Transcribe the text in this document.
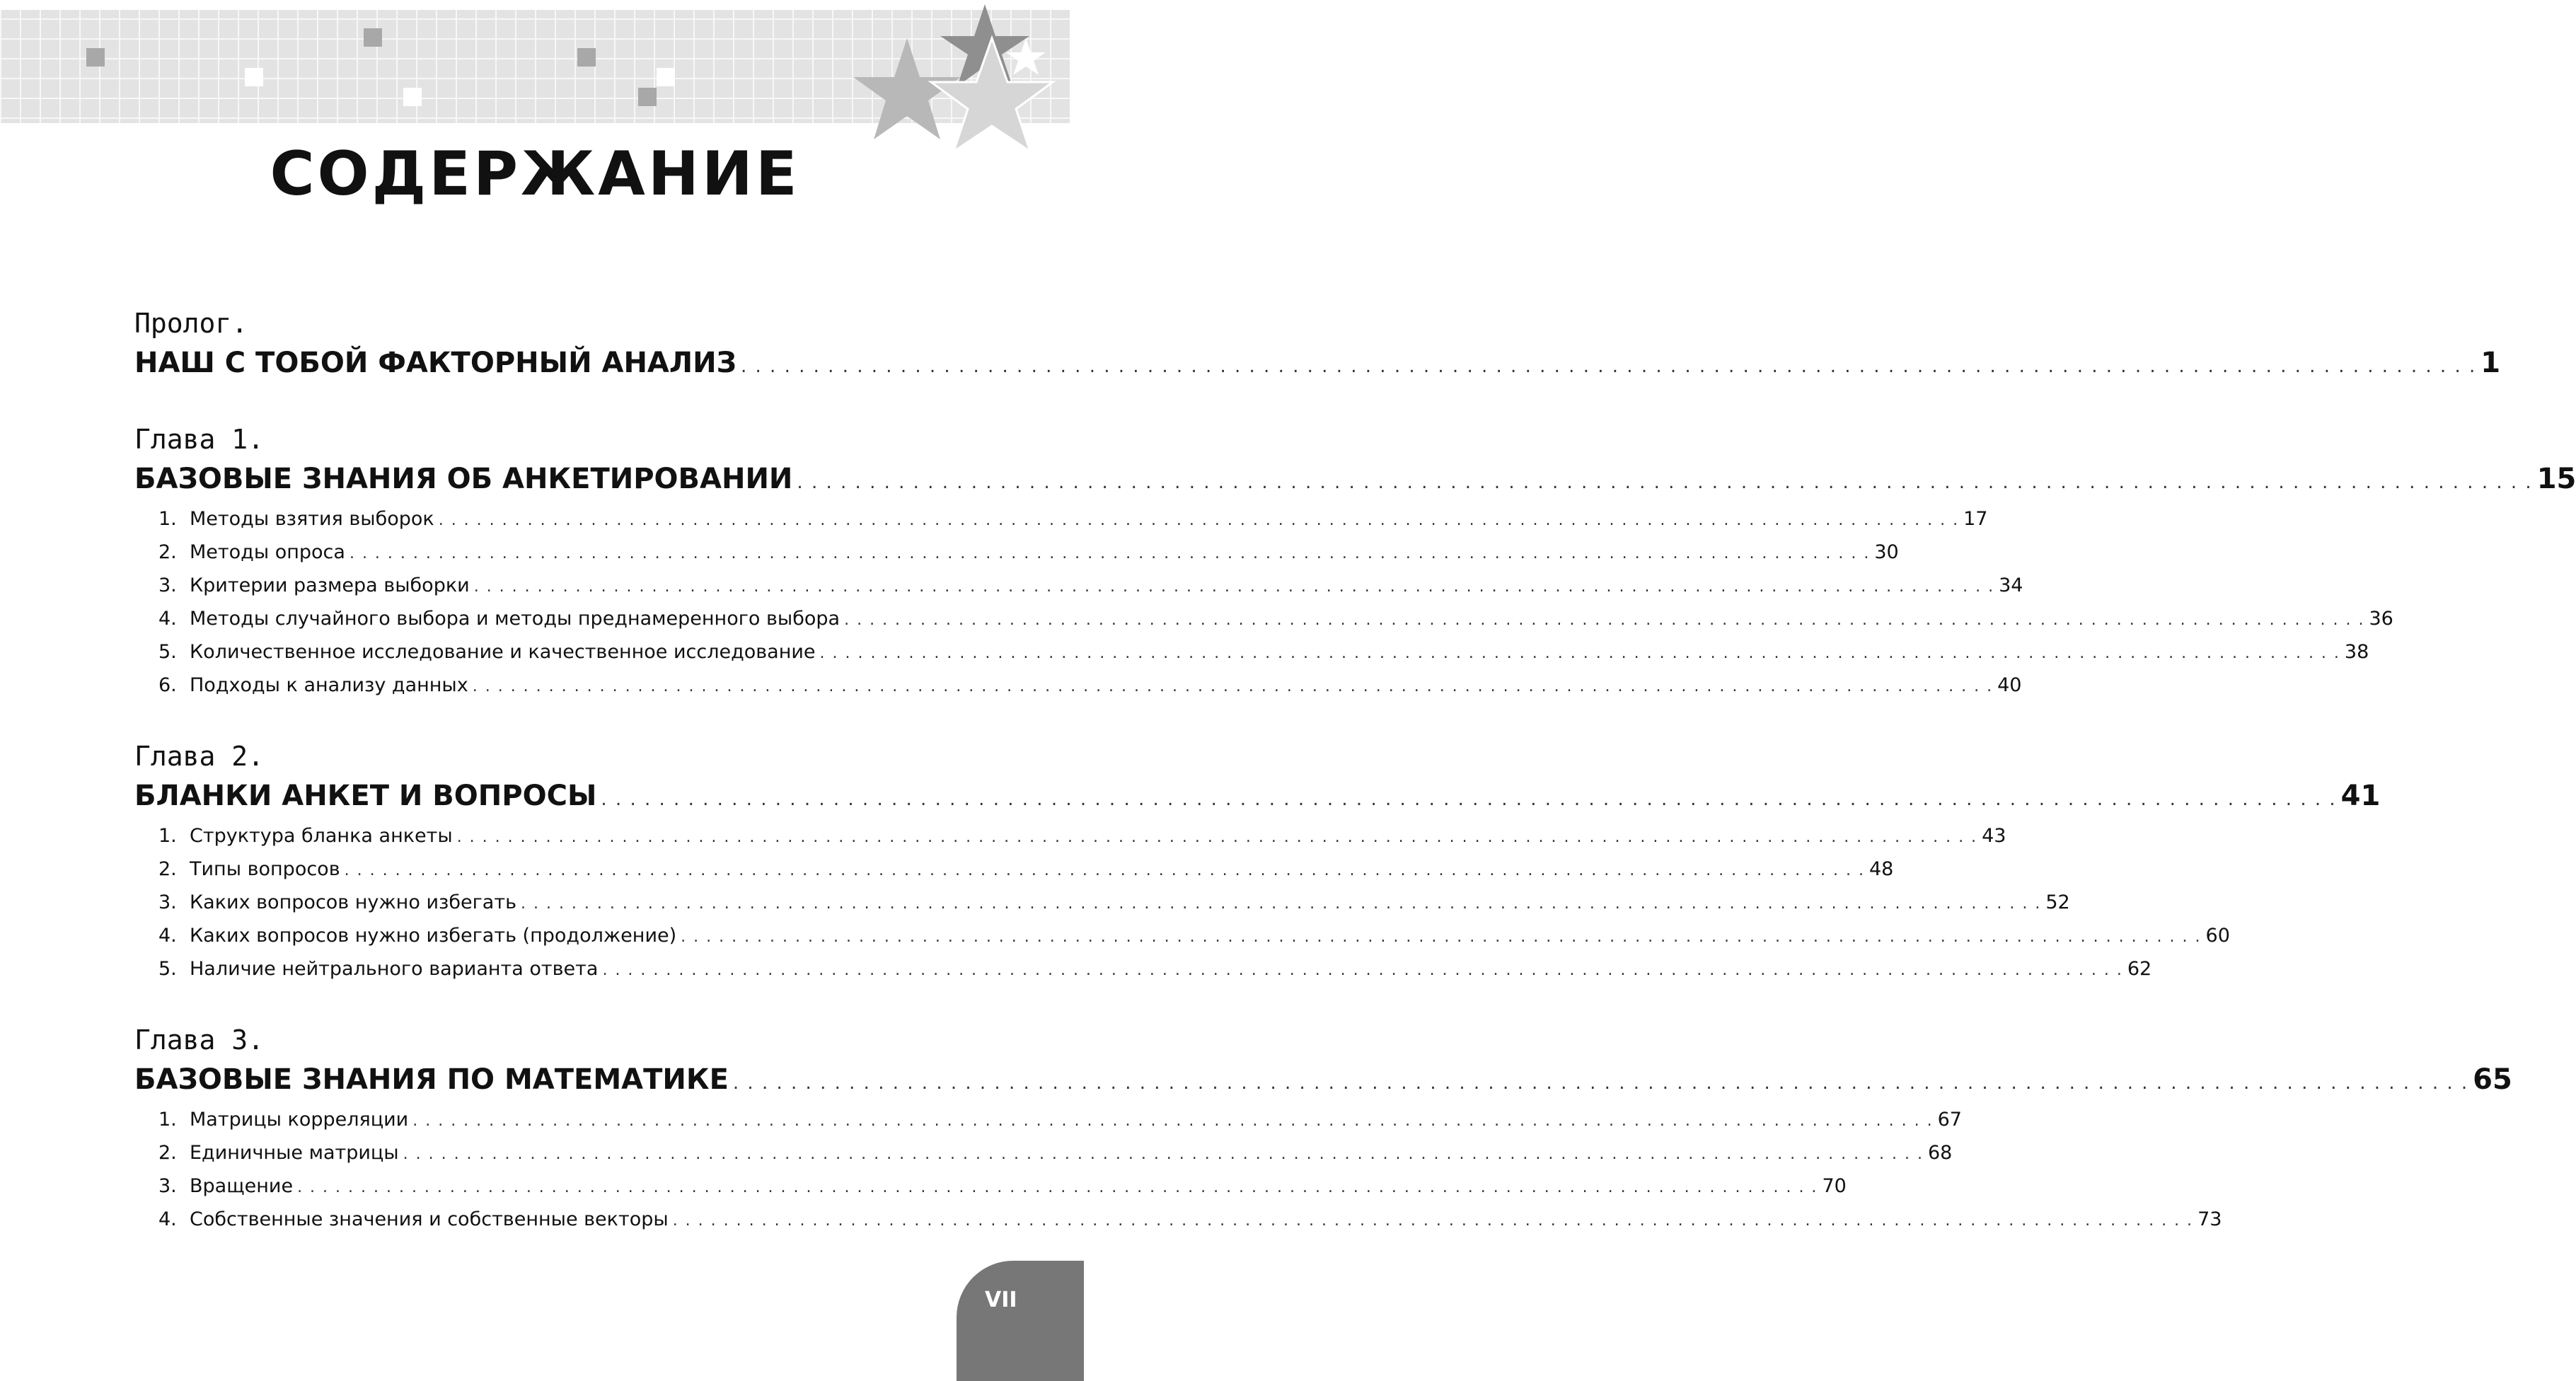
СОДЕРЖАНИЕ
Пролог.
НАШ С ТОБОЙ ФАКТОРНЫЙ АНАЛИЗ . . . . . . . . . . . . . . . . . . . . . . . . . . . . . . . . . . . . . . . . . . . . . . . . . . . . . . . . . . . . . . . . . . . . . . . . . . . . . . . . . . . . . . . . . . . . . . . . . . . . . . . . . . . . . . . . . . . . . . . . 1
Глава 1.
БАЗОВЫЕ ЗНАНИЯ ОБ АНКЕТИРОВАНИИ . . . . . . . . . . . . . . . . . . . . . . . . . . . . . . . . . . . . . . . . . . . . . . . . . . . . . . . . . . . . . . . . . . . . . . . . . . . . . . . . . . . . . . . . . . . . . . . . . . . . . . . . . . . . . . . . . . . . . . . . 15
1. Методы взятия выборок . . . . . . . . . . . . . . . . . . . . . . . . . . . . . . . . . . . . . . . . . . . . . . . . . . . . . . . . . . . . . . . . . . . . . . . . . . . . . . . . . . . . . . . . . . . . . . . . . . . . . . . . . . . . . . . . . . . . . . . . 17
2. Методы опроса . . . . . . . . . . . . . . . . . . . . . . . . . . . . . . . . . . . . . . . . . . . . . . . . . . . . . . . . . . . . . . . . . . . . . . . . . . . . . . . . . . . . . . . . . . . . . . . . . . . . . . . . . . . . . . . . . . . . . . . . 30
3. Критерии размера выборки . . . . . . . . . . . . . . . . . . . . . . . . . . . . . . . . . . . . . . . . . . . . . . . . . . . . . . . . . . . . . . . . . . . . . . . . . . . . . . . . . . . . . . . . . . . . . . . . . . . . . . . . . . . . . . . . . . . . . . . . 34
4. Методы случайного выбора и методы преднамеренного выбора . . . . . . . . . . . . . . . . . . . . . . . . . . . . . . . . . . . . . . . . . . . . . . . . . . . . . . . . . . . . . . . . . . . . . . . . . . . . . . . . . . . . . . . . . . . . . . . . . . . . . . . . . . . . . . . . . . . . . . . . 36
5. Количественное исследование и качественное исследование . . . . . . . . . . . . . . . . . . . . . . . . . . . . . . . . . . . . . . . . . . . . . . . . . . . . . . . . . . . . . . . . . . . . . . . . . . . . . . . . . . . . . . . . . . . . . . . . . . . . . . . . . . . . . . . . . . . . . . . . 38
6. Подходы к анализу данных . . . . . . . . . . . . . . . . . . . . . . . . . . . . . . . . . . . . . . . . . . . . . . . . . . . . . . . . . . . . . . . . . . . . . . . . . . . . . . . . . . . . . . . . . . . . . . . . . . . . . . . . . . . . . . . . . . . . . . . . 40
Глава 2.
БЛАНКИ АНКЕТ И ВОПРОСЫ . . . . . . . . . . . . . . . . . . . . . . . . . . . . . . . . . . . . . . . . . . . . . . . . . . . . . . . . . . . . . . . . . . . . . . . . . . . . . . . . . . . . . . . . . . . . . . . . . . . . . . . . . . . . . . . . . . . . . . . . 41
1. Структура бланка анкеты . . . . . . . . . . . . . . . . . . . . . . . . . . . . . . . . . . . . . . . . . . . . . . . . . . . . . . . . . . . . . . . . . . . . . . . . . . . . . . . . . . . . . . . . . . . . . . . . . . . . . . . . . . . . . . . . . . . . . . . . 43
2. Типы вопросов . . . . . . . . . . . . . . . . . . . . . . . . . . . . . . . . . . . . . . . . . . . . . . . . . . . . . . . . . . . . . . . . . . . . . . . . . . . . . . . . . . . . . . . . . . . . . . . . . . . . . . . . . . . . . . . . . . . . . . . . 48
3. Каких вопросов нужно избегать . . . . . . . . . . . . . . . . . . . . . . . . . . . . . . . . . . . . . . . . . . . . . . . . . . . . . . . . . . . . . . . . . . . . . . . . . . . . . . . . . . . . . . . . . . . . . . . . . . . . . . . . . . . . . . . . . . . . . . . . 52
4. Каких вопросов нужно избегать (продолжение) . . . . . . . . . . . . . . . . . . . . . . . . . . . . . . . . . . . . . . . . . . . . . . . . . . . . . . . . . . . . . . . . . . . . . . . . . . . . . . . . . . . . . . . . . . . . . . . . . . . . . . . . . . . . . . . . . . . . . . . . 60
5. Наличие нейтрального варианта ответа . . . . . . . . . . . . . . . . . . . . . . . . . . . . . . . . . . . . . . . . . . . . . . . . . . . . . . . . . . . . . . . . . . . . . . . . . . . . . . . . . . . . . . . . . . . . . . . . . . . . . . . . . . . . . . . . . . . . . . . . 62
Глава 3.
БАЗОВЫЕ ЗНАНИЯ ПО МАТЕМАТИКЕ . . . . . . . . . . . . . . . . . . . . . . . . . . . . . . . . . . . . . . . . . . . . . . . . . . . . . . . . . . . . . . . . . . . . . . . . . . . . . . . . . . . . . . . . . . . . . . . . . . . . . . . . . . . . . . . . . . . . . . . . 65
1. Матрицы корреляции . . . . . . . . . . . . . . . . . . . . . . . . . . . . . . . . . . . . . . . . . . . . . . . . . . . . . . . . . . . . . . . . . . . . . . . . . . . . . . . . . . . . . . . . . . . . . . . . . . . . . . . . . . . . . . . . . . . . . . . . 67
2. Единичные матрицы . . . . . . . . . . . . . . . . . . . . . . . . . . . . . . . . . . . . . . . . . . . . . . . . . . . . . . . . . . . . . . . . . . . . . . . . . . . . . . . . . . . . . . . . . . . . . . . . . . . . . . . . . . . . . . . . . . . . . . . . 68
3. Вращение . . . . . . . . . . . . . . . . . . . . . . . . . . . . . . . . . . . . . . . . . . . . . . . . . . . . . . . . . . . . . . . . . . . . . . . . . . . . . . . . . . . . . . . . . . . . . . . . . . . . . . . . . . . . . . . . . . . . . . . . 70
4. Собственные значения и собственные векторы . . . . . . . . . . . . . . . . . . . . . . . . . . . . . . . . . . . . . . . . . . . . . . . . . . . . . . . . . . . . . . . . . . . . . . . . . . . . . . . . . . . . . . . . . . . . . . . . . . . . . . . . . . . . . . . . . . . . . . . . 73
VII
